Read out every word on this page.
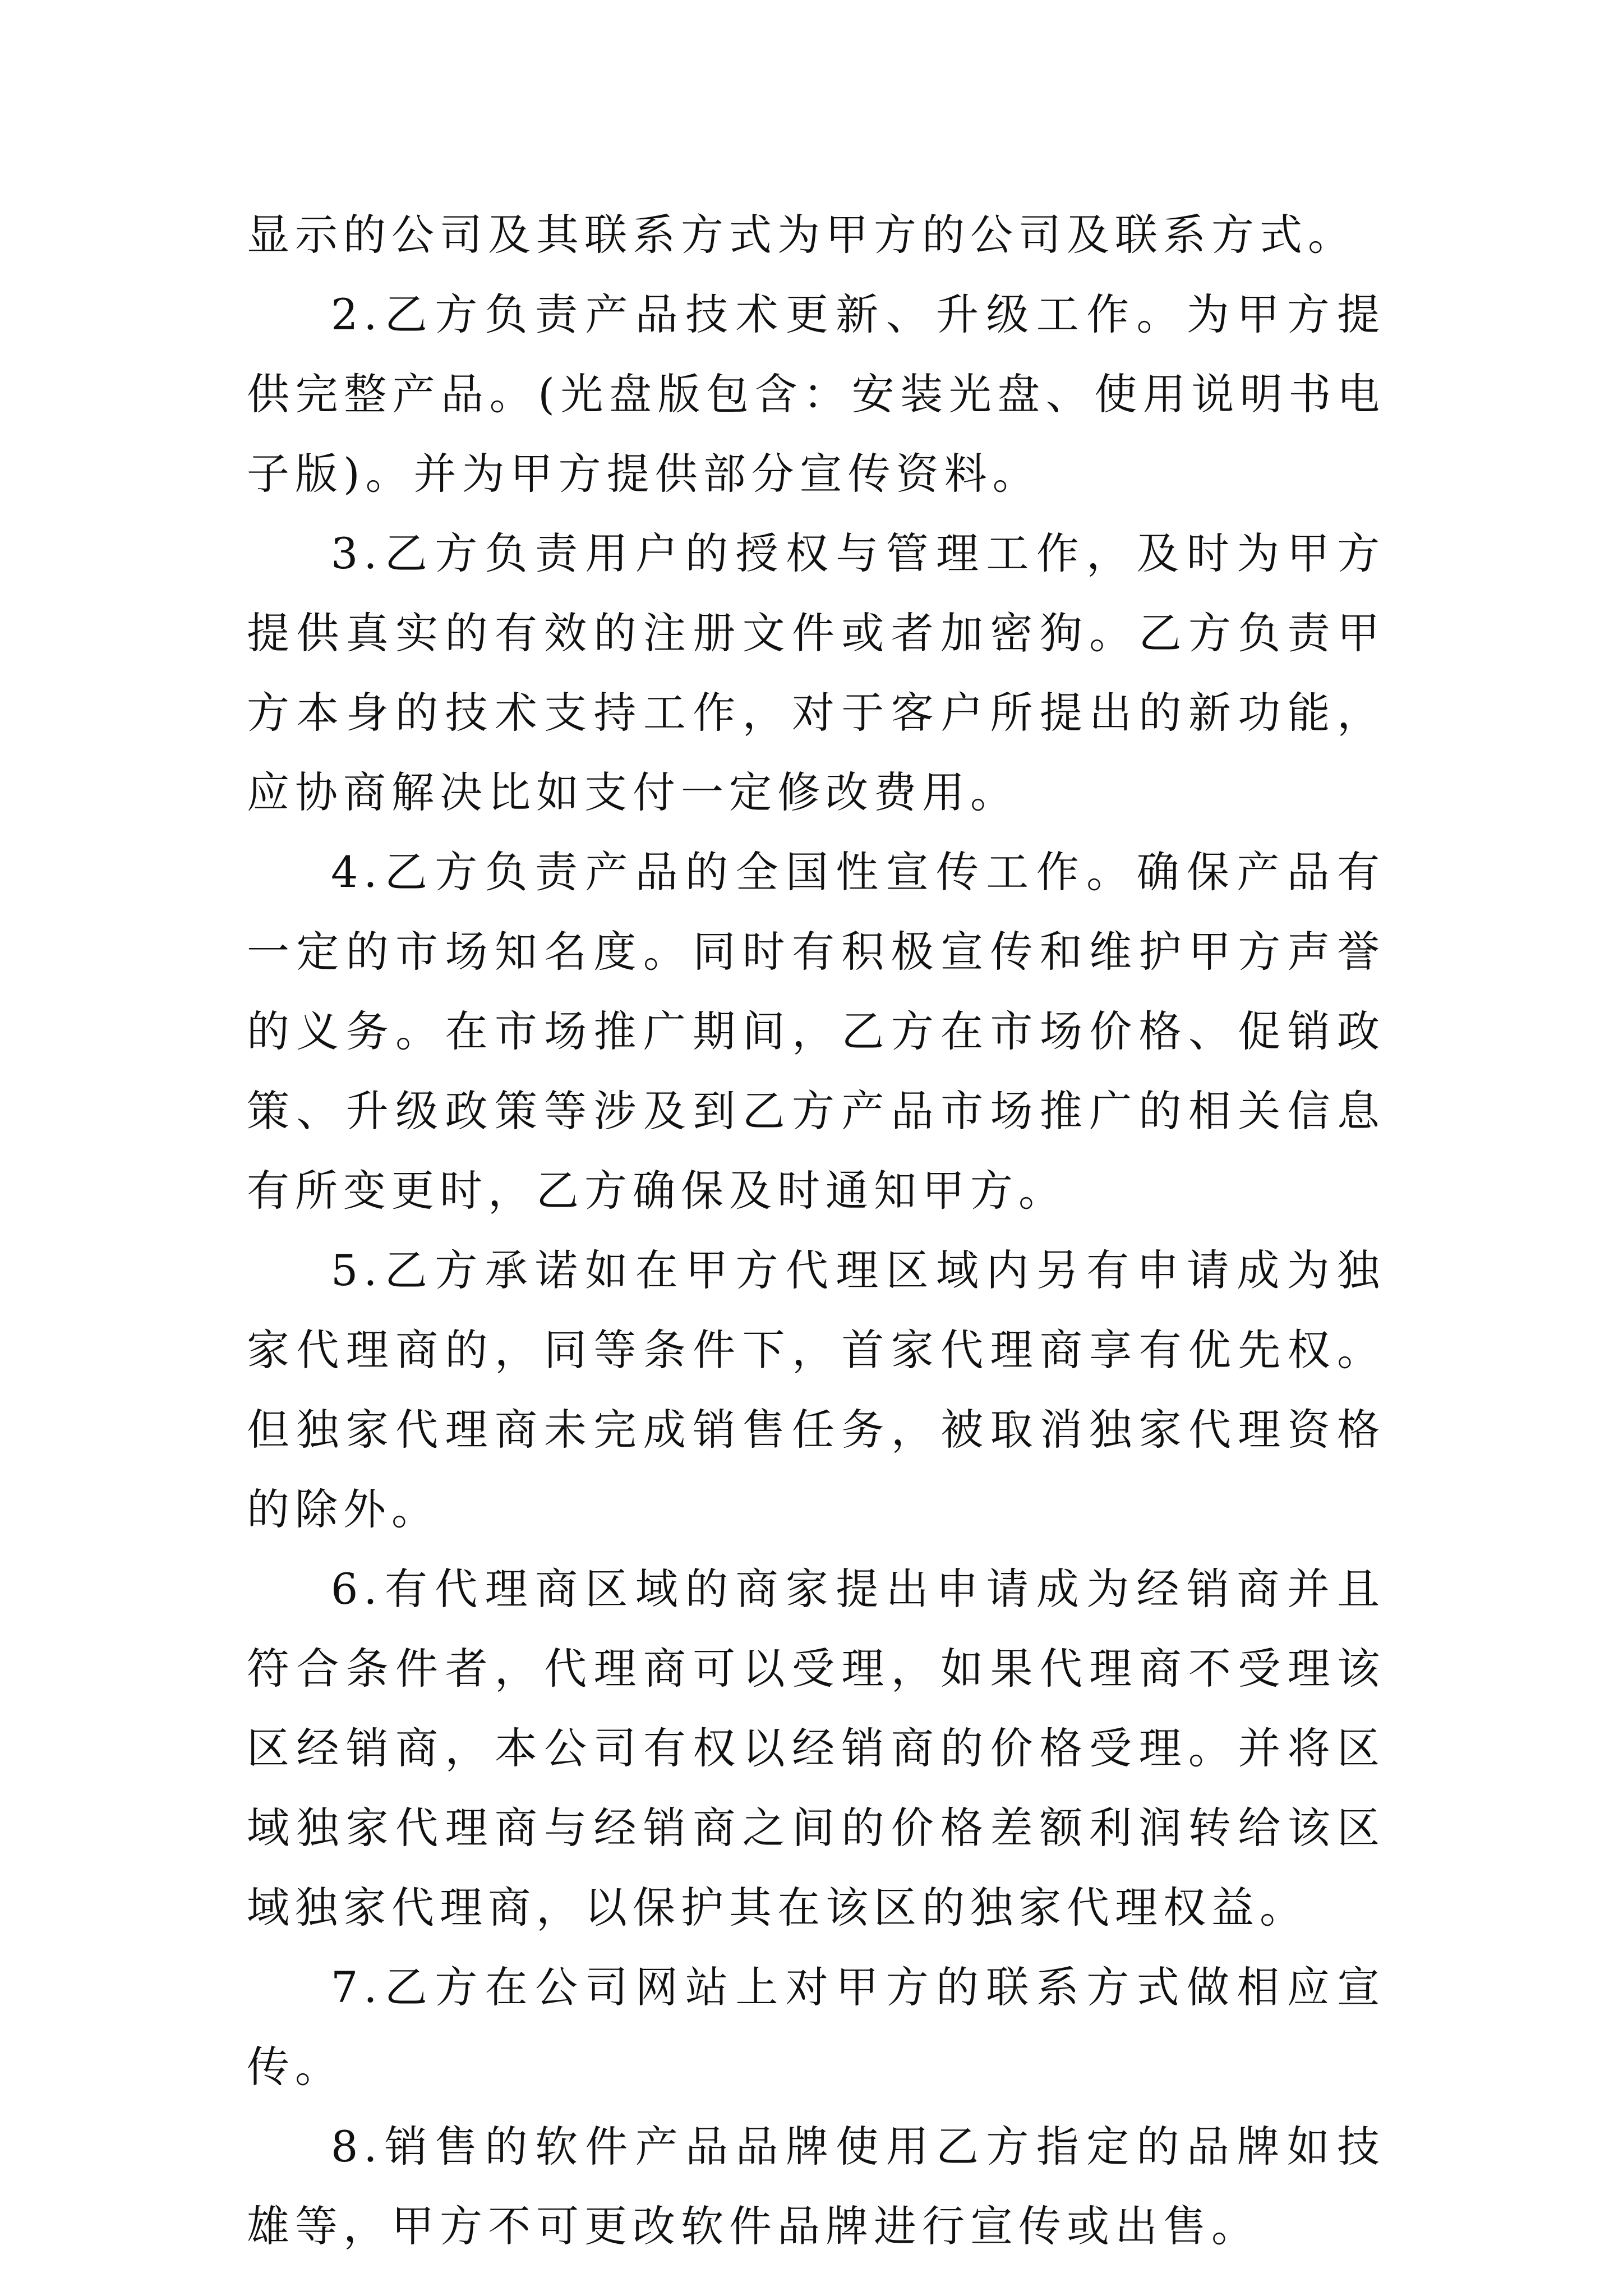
显示的公司及其联系方式为甲方的公司及联系方式。

2.乙方负责产品技术更新、升级工作。为甲方提供完整产品。(光盘版包含：安装光盘、使用说明书电子版)。并为甲方提供部分宣传资料。

3.乙方负责用户的授权与管理工作，及时为甲方提供真实的有效的注册文件或者加密狗。乙方负责甲方本身的技术支持工作，对于客户所提出的新功能，应协商解决比如支付一定修改费用。

4.乙方负责产品的全国性宣传工作。确保产品有一定的市场知名度。同时有积极宣传和维护甲方声誉的义务。在市场推广期间，乙方在市场价格、促销政策、升级政策等涉及到乙方产品市场推广的相关信息有所变更时，乙方确保及时通知甲方。

5.乙方承诺如在甲方代理区域内另有申请成为独家代理商的，同等条件下，首家代理商享有优先权。但独家代理商未完成销售任务，被取消独家代理资格的除外。

6.有代理商区域的商家提出申请成为经销商并且符合条件者，代理商可以受理，如果代理商不受理该区经销商，本公司有权以经销商的价格受理。并将区域独家代理商与经销商之间的价格差额利润转给该区域独家代理商，以保护其在该区的独家代理权益。

7.乙方在公司网站上对甲方的联系方式做相应宣传。

8.销售的软件产品品牌使用乙方指定的品牌如技雄等，甲方不可更改软件品牌进行宣传或出售。
